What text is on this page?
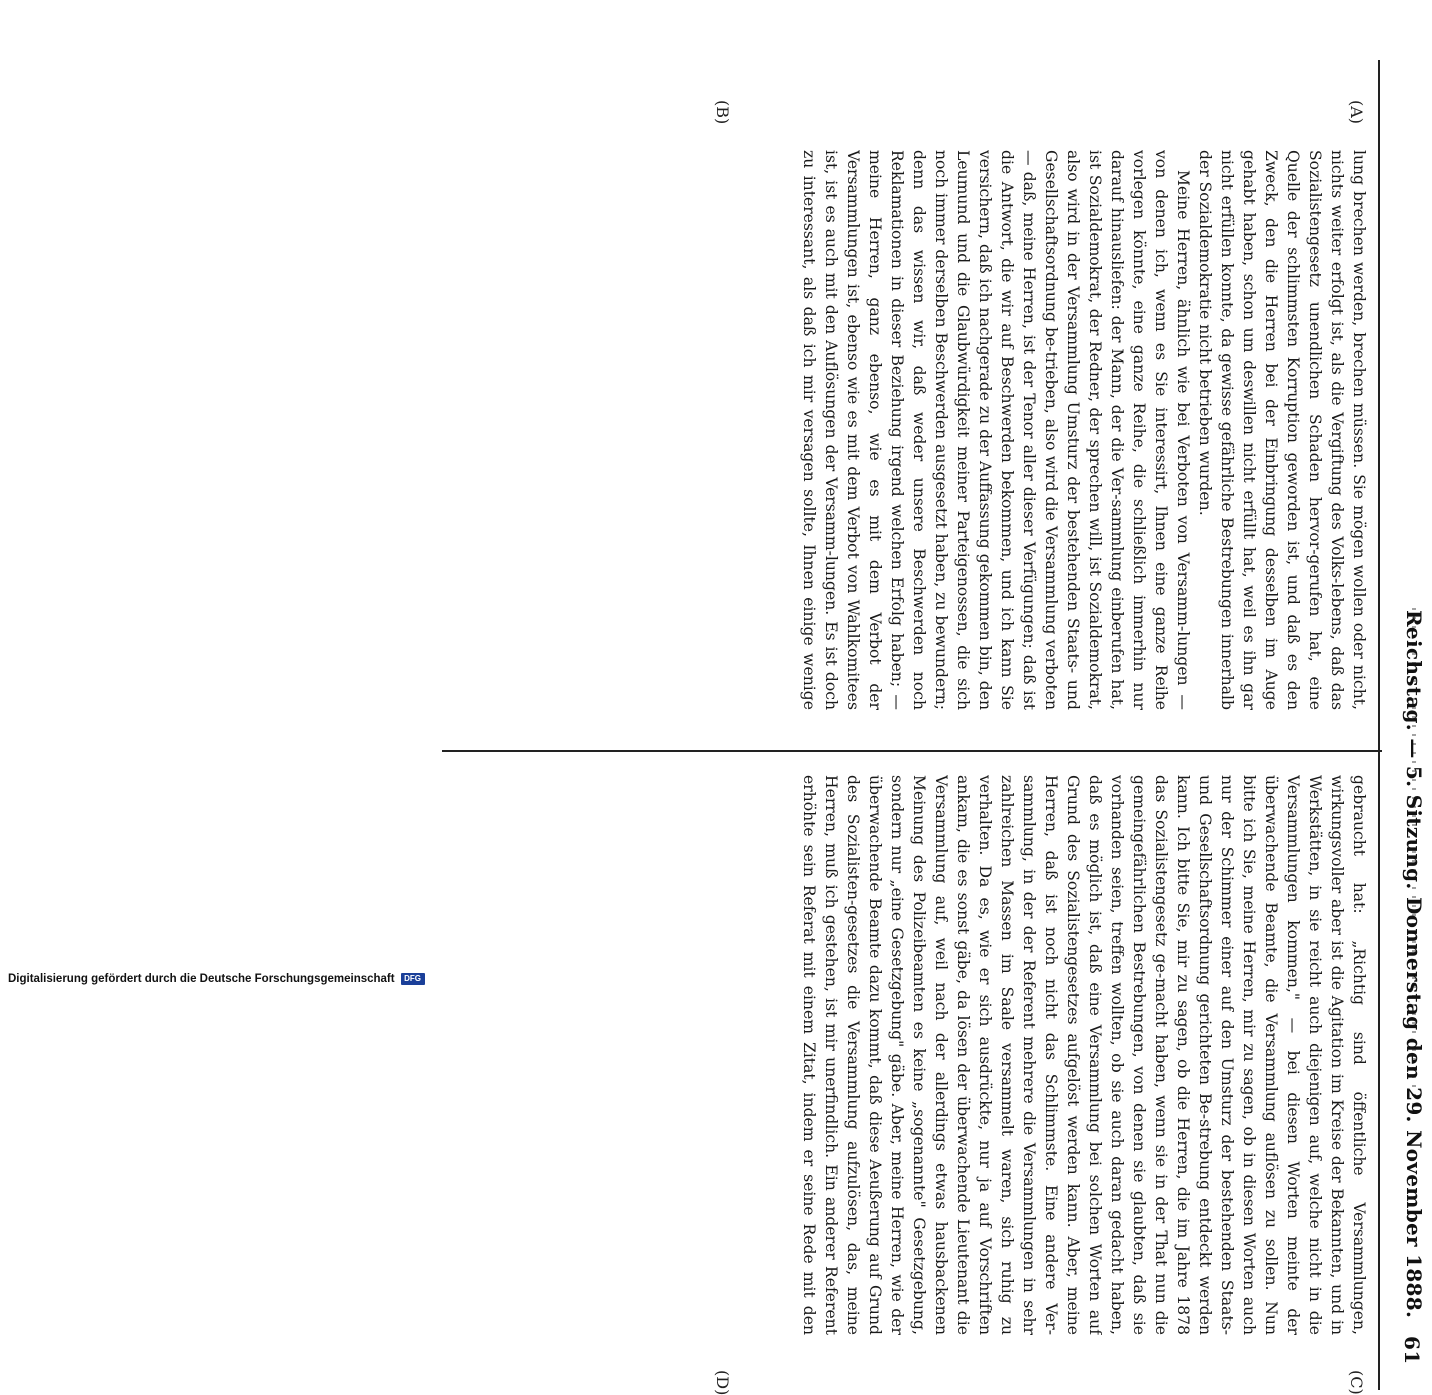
Reichstag. — 5. Sitzung. Donnerstag den 29. November 1888.
61
(A)
(B)
(C)
(D)

lung brechen werden, brechen müssen. Sie mögen wollen oder nicht, nichts weiter erfolgt ist, als die Vergiftung des Volks-lebens, daß das Sozialistengesetz unendlichen Schaden hervor-gerufen hat, eine Quelle der schlimmsten Korruption geworden ist, und daß es den Zweck, den die Herren bei der Einbringung desselben im Auge gehabt haben, schon um deswillen nicht erfüllt hat, weil es ihn gar nicht erfüllen konnte, da gewisse gefährliche Bestrebungen innerhalb der Sozialdemokratie nicht betrieben wurden.

Meine Herren, ähnlich wie bei Verboten von Versamm-lungen — von denen ich, wenn es Sie interessirt, Ihnen eine ganze Reihe vorlegen könnte, eine ganze Reihe, die schließlich immerhin nur darauf hinausliefen: der Mann, der die Ver-sammlung einberufen hat, ist Sozialdemokrat, der Redner, der sprechen will, ist Sozialdemokrat, also wird in der Versammlung Umsturz der bestehenden Staats- und Gesellschaftsordnung be-trieben, also wird die Versammlung verboten — daß, meine Herren, ist der Tenor aller dieser Verfügungen; daß ist die Antwort, die wir auf Beschwerden bekommen, und ich kann Sie versichern, daß ich nachgerade zu der Auffassung gekommen bin, den Leumund und die Glaubwürdigkeit meiner Parteigenossen, die sich noch immer derselben Beschwerden ausgesetzt haben, zu bewundern; denn das wissen wir, daß weder unsere Beschwerden noch Reklamationen in dieser Beziehung irgend welchen Erfolg haben; — meine Herren, ganz ebenso, wie es mit dem Verbot der Versammlungen ist, ebenso wie es mit dem Verbot von Wahlkomitees ist, ist es auch mit den Auflösungen der Versamm-lungen. Es ist doch zu interessant, als daß ich mir versagen sollte, Ihnen einige wenige

gebraucht hat: „Richtig sind öffentliche Versammlungen, wirkungsvoller aber ist die Agitation im Kreise der Bekannten, und in Werkstätten, in sie reicht auch diejenigen auf, welche nicht in die Versammlungen kommen," — bei diesen Worten meinte der überwachende Beamte, die Versammlung auflösen zu sollen. Nun bitte ich Sie, meine Herren, mir zu sagen, ob in diesen Worten auch nur der Schimmer einer auf den Umsturz der bestehenden Staats- und Gesellschaftsordnung gerichteten Be-strebung entdeckt werden kann. Ich bitte Sie, mir zu sagen, ob die Herren, die im Jahre 1878 das Sozialistengesetz ge-macht haben, wenn sie in der That nun die gemeingefährlichen Bestrebungen, von denen sie glaubten, daß sie vorhanden seien, treffen wollten, ob sie auch daran gedacht haben, daß es möglich ist, daß eine Versammlung bei solchen Worten auf Grund des Sozialistengesetzes aufgelöst werden kann. Aber, meine Herren, daß ist noch nicht das Schlimmste. Eine andere Ver-sammlung, in der der Referent mehrere die Versammlungen in sehr zahlreichen Massen im Saale versammelt waren, sich ruhig zu verhalten. Da es, wie er sich ausdrückte, nur ja auf Vorschriften ankam, die es sonst gäbe, da lösen der überwachende Lieutenant die Versammlung auf, weil nach der allerdings etwas hausbackenen Meinung des Polizeibeamten es keine „sogenannte" Gesetzgebung, sondern nur „eine Gesetzgebung" gäbe. Aber, meine Herren, wie der überwachende Beamte dazu kommt, daß diese Aeußerung auf Grund des Sozialisten-gesetzes die Versammlung aufzulösen, das, meine Herren, muß ich gestehen, ist mir unerfindlich. Ein anderer Referent erhöhte sein Referat mit einem Zitat, indem er seine Rede mit den

Digitalisierung gefördert durch die Deutsche Forschungsgemeinschaft DFG
